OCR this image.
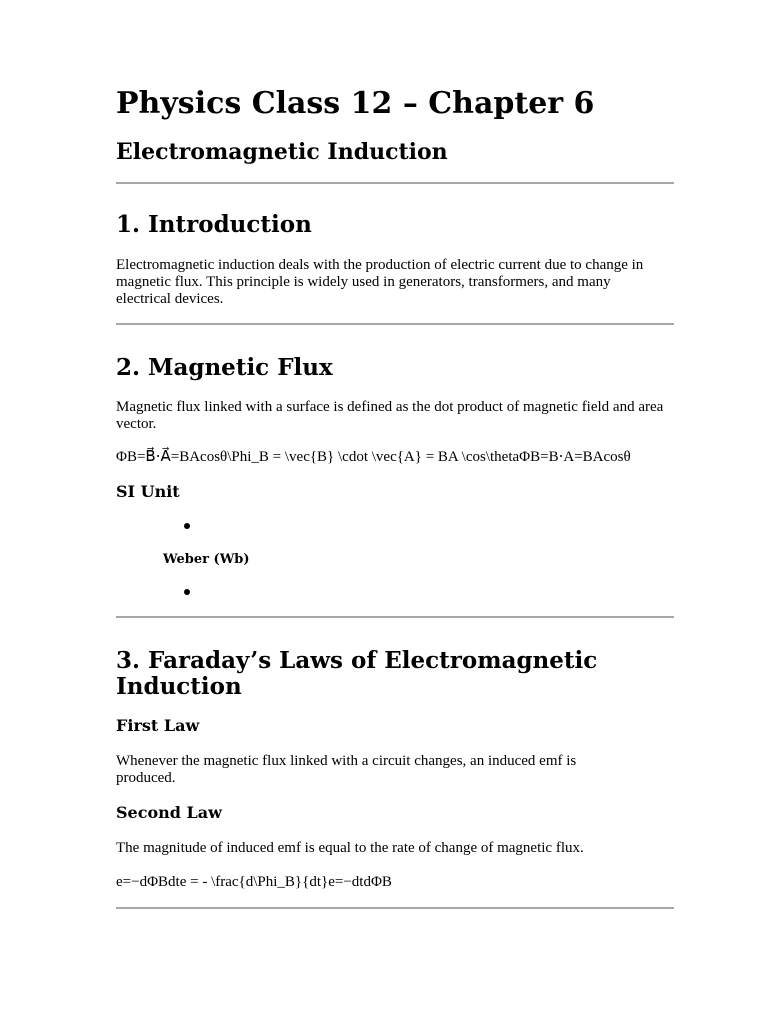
Physics Class 12 – Chapter 6

Electromagnetic Induction

1. Introduction

Electromagnetic induction deals with the production of electric current due to change in magnetic flux. This principle is widely used in generators, transformers, and many electrical devices.

2. Magnetic Flux

Magnetic flux linked with a surface is defined as the dot product of magnetic field and area vector.

ΦB=B⃗⋅A⃗=BAcosθ\Phi_B = \vec{B} \cdot \vec{A} = BA \cos\thetaΦB​=B⋅A=BAcosθ
SI Unit
Weber (Wb)
3. Faraday’s Laws of Electromagnetic Induction
First Law

Whenever the magnetic flux linked with a circuit changes, an induced emf is produced.

Second Law

The magnitude of induced emf is equal to the rate of change of magnetic flux.

e=−dΦBdte = - \frac{d\Phi_B}{dt}e=−dtdΦB​​
